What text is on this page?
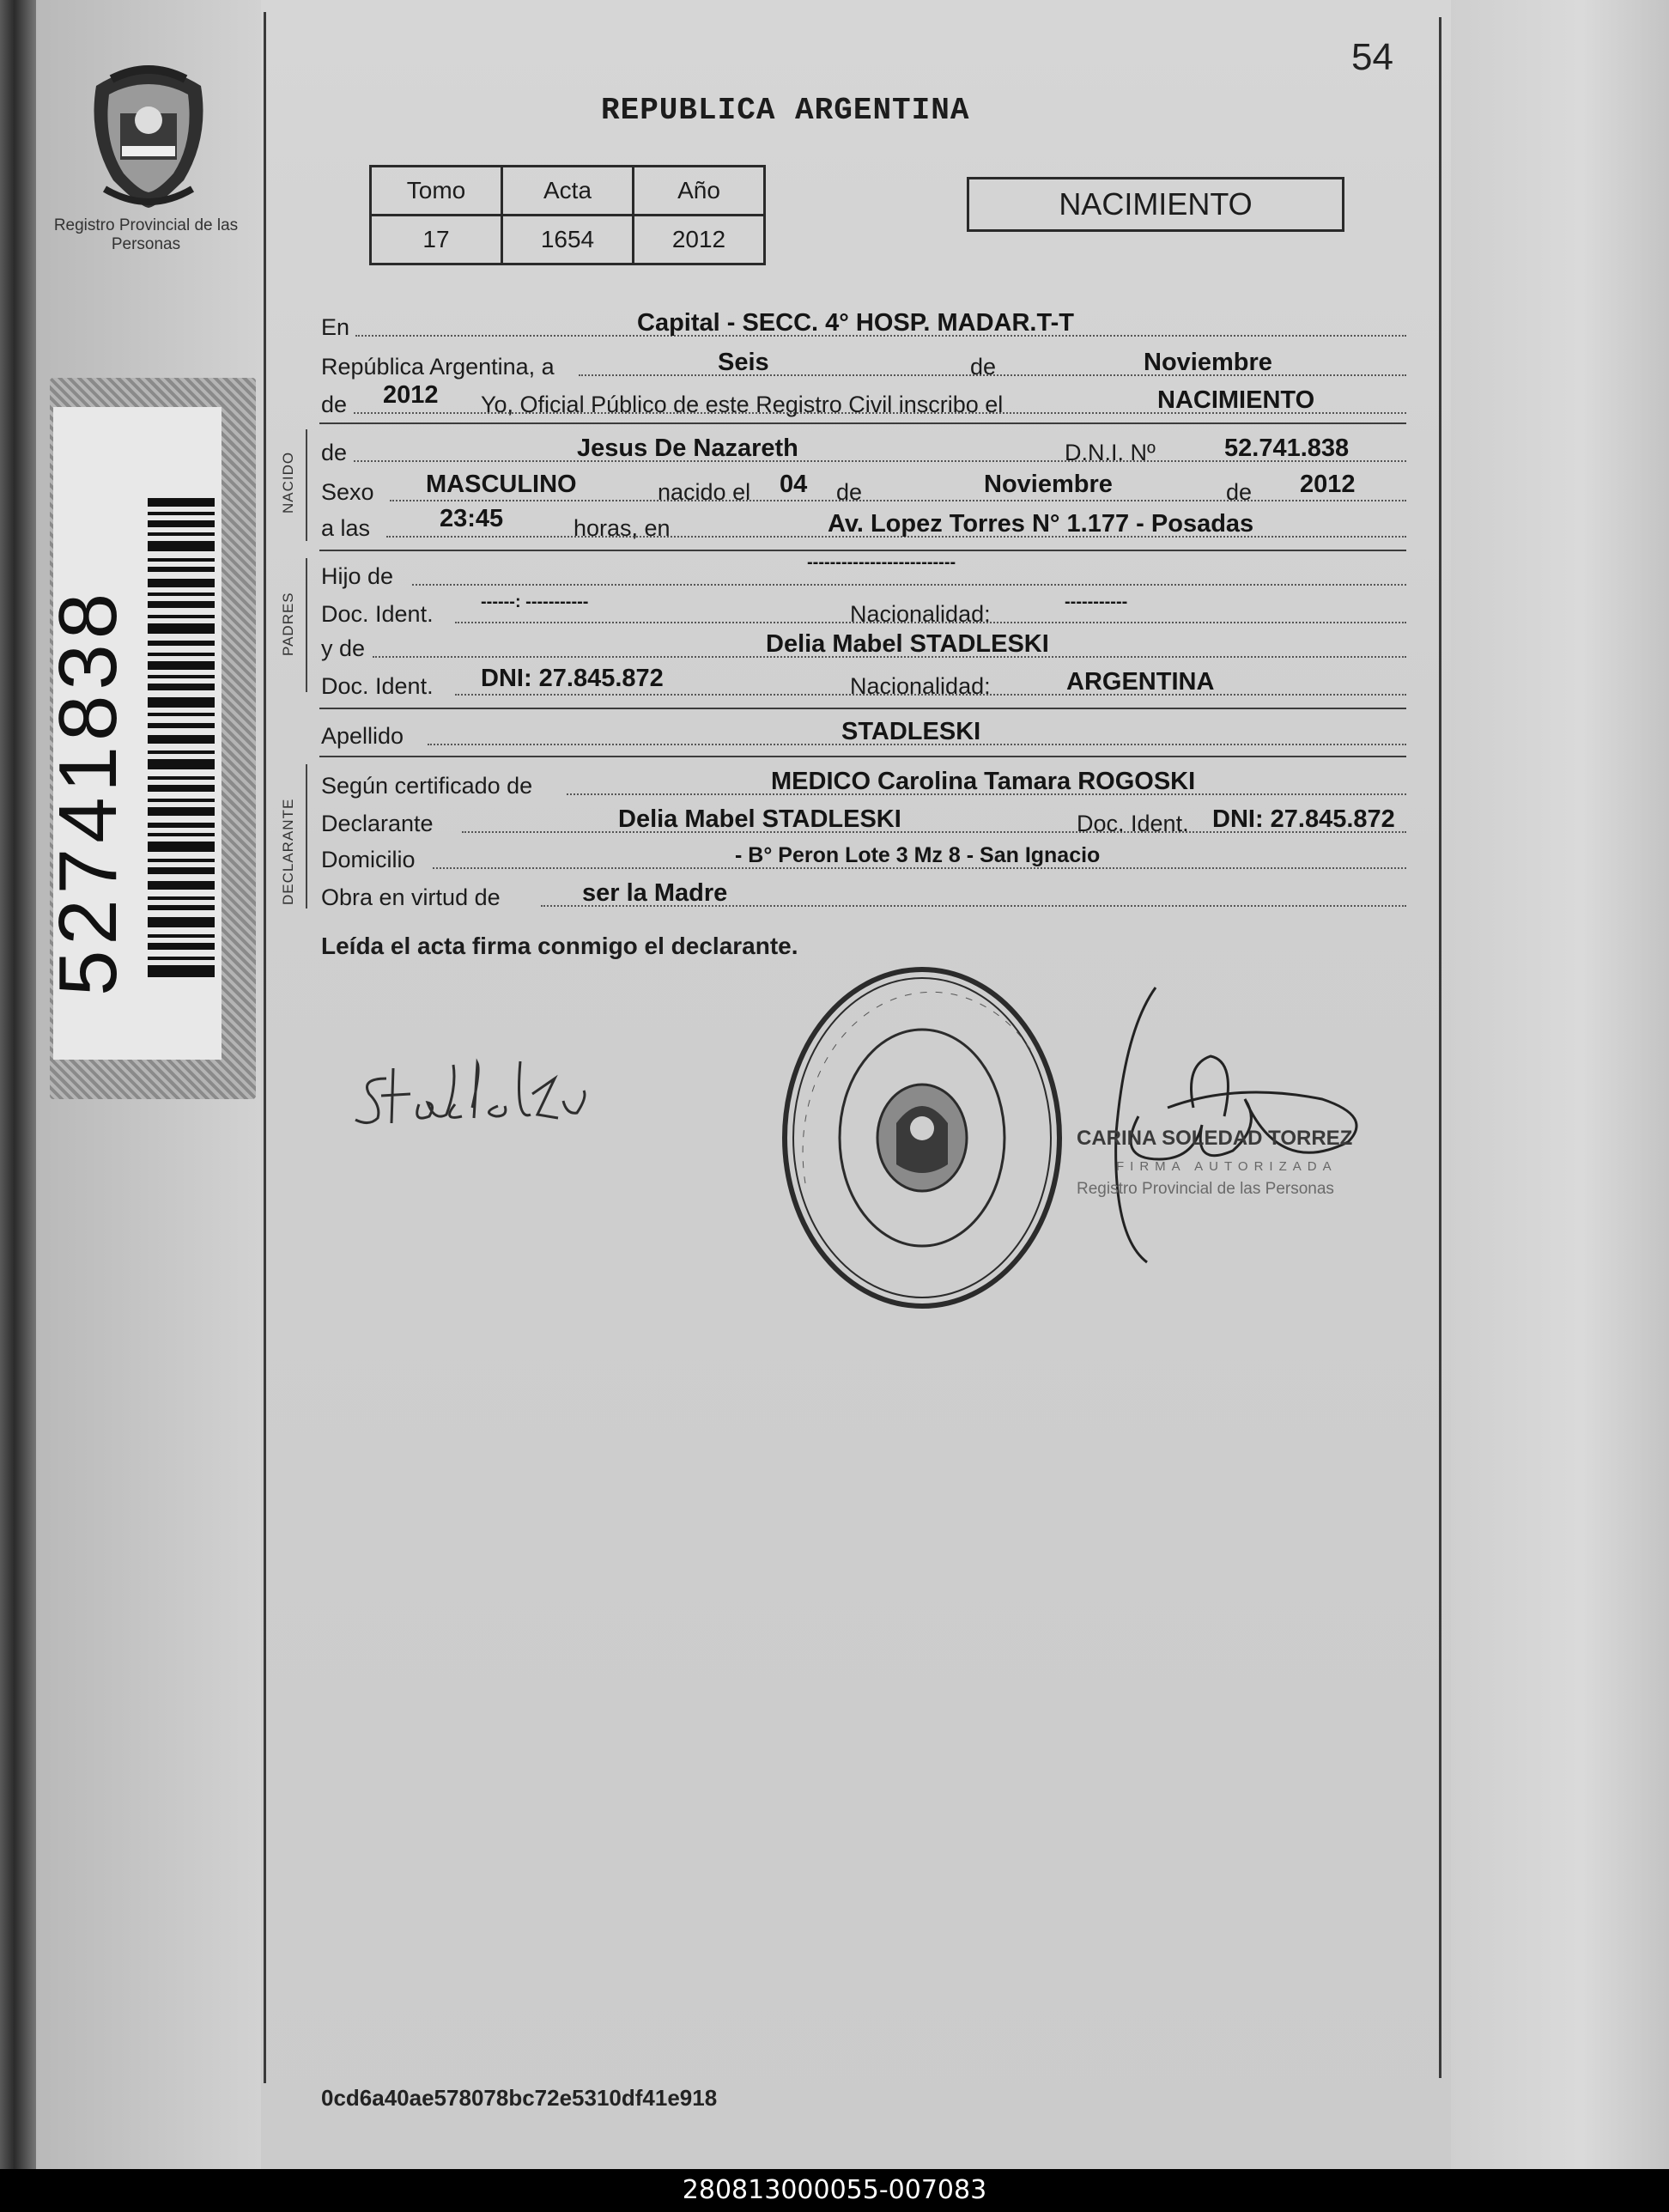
Registro Provincial de las Personas
52741838
54
REPUBLICA ARGENTINA
Tomo	Acta	Año
17	1654	2012
NACIMIENTO
En	Capital - SECC. 4° HOSP. MADAR.T-T
República Argentina, a	Seis	de	Noviembre
de 2012 Yo, Oficial Público de este Registro Civil inscribo el	NACIMIENTO
NACIDO de	Jesus De Nazareth	D.N.I. Nº	52.741.838
Sexo MASCULINO	nacido el 04 de	Noviembre	de 2012
a las	23:45	horas, en	Av. Lopez Torres N° 1.177 - Posadas
PADRES
Hijo de
--------------------------
Doc. Ident.	------: -----------	Nacionalidad:	-----------
y de	Delia Mabel STADLESKI
Doc. Ident. DNI: 27.845.872	Nacionalidad:	ARGENTINA
Apellido	STADLESKI
DECLARANTE
Según certificado de	MEDICO Carolina Tamara ROGOSKI
Declarante	Delia Mabel STADLESKI	Doc. Ident. DNI: 27.845.872
Domicilio	- B° Peron Lote 3 Mz 8 - San Ignacio
Obra en virtud de	ser la Madre
Leída el acta firma conmigo el declarante.
CARINA SOLEDAD TORREZ
FIRMA AUTORIZADA
Registro Provincial de las Personas
0cd6a40ae578078bc72e5310df41e918
280813000055-007083
